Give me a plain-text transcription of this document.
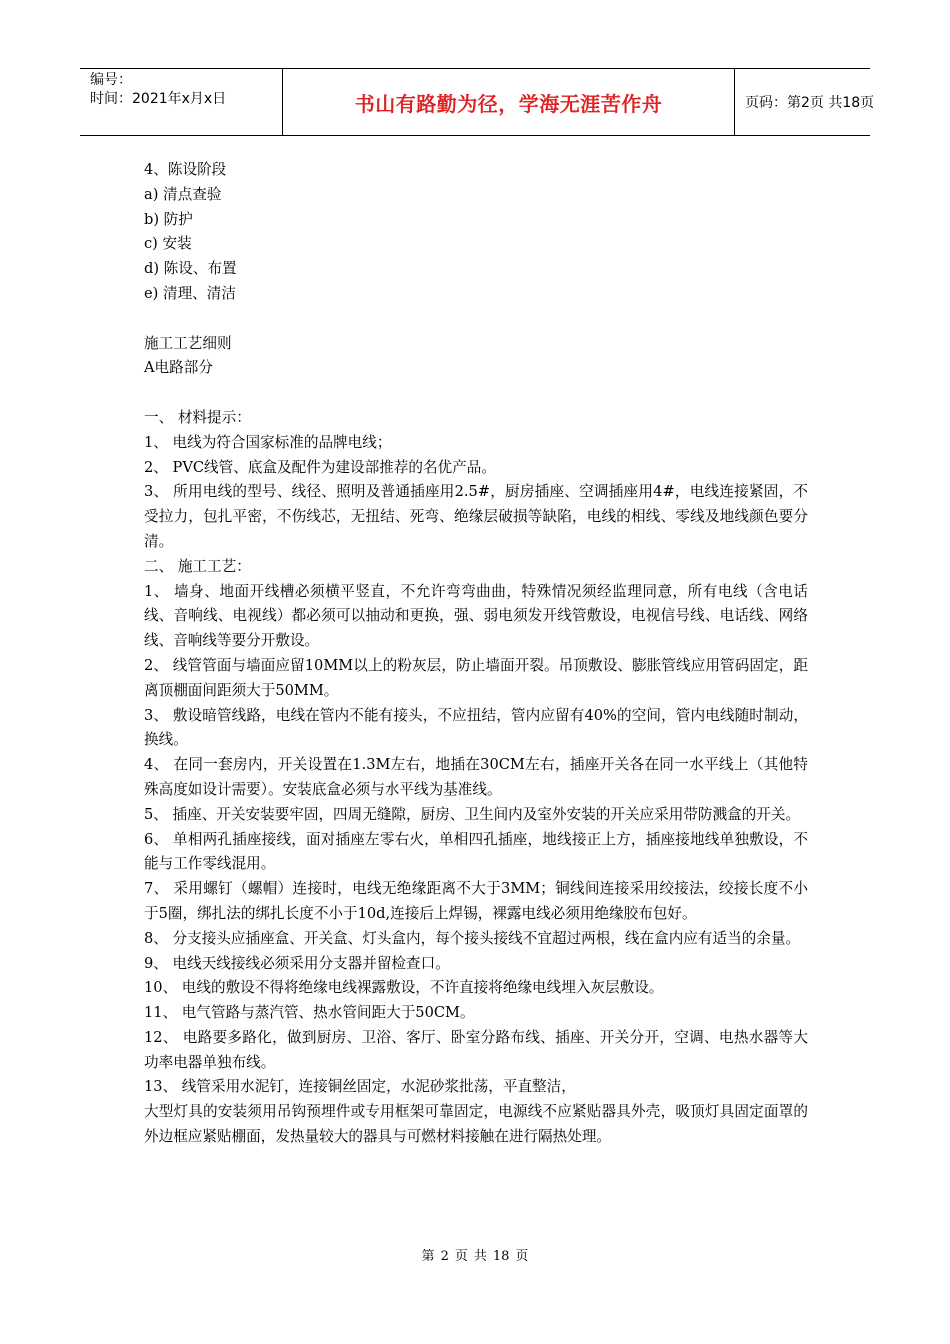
编号：
时间：2021年x月x日	书山有路勤为径，学海无涯苦作舟	页码：第2页 共18页

4、陈设阶段

a) 清点查验

b) 防护

c) 安装

d) 陈设、布置

e) 清理、清洁

施工工艺细则

A电路部分

一、 材料提示：

1、 电线为符合国家标准的品牌电线；

2、 PVC线管、底盒及配件为建设部推荐的名优产品。

3、 所用电线的型号、线径、照明及普通插座用2.5#，厨房插座、空调插座用4#，电线连接紧固，不受拉力，包扎平密，不伤线芯，无扭结、死弯、绝缘层破损等缺陷，电线的相线、零线及地线颜色要分清。

二、 施工工艺：

1、 墙身、地面开线槽必须横平竖直，不允许弯弯曲曲，特殊情况须经监理同意，所有电线（含电话线、音响线、电视线）都必须可以抽动和更换，强、弱电须发开线管敷设，电视信号线、电话线、网络线、音响线等要分开敷设。

2、 线管管面与墙面应留10MM以上的粉灰层，防止墙面开裂。吊顶敷设、膨胀管线应用管码固定，距离顶棚面间距须大于50MM。

3、 敷设暗管线路，电线在管内不能有接头，不应扭结，管内应留有40%的空间，管内电线随时制动，换线。

4、 在同一套房内，开关设置在1.3M左右，地插在30CM左右，插座开关各在同一水平线上（其他特殊高度如设计需要）。安装底盒必须与水平线为基准线。

5、 插座、开关安装要牢固，四周无缝隙，厨房、卫生间内及室外安装的开关应采用带防溅盒的开关。

6、 单相两孔插座接线，面对插座左零右火，单相四孔插座，地线接正上方，插座接地线单独敷设，不能与工作零线混用。

7、 采用螺钉（螺帽）连接时，电线无绝缘距离不大于3MM；铜线间连接采用绞接法，绞接长度不小于5圈，绑扎法的绑扎长度不小于10d,连接后上焊锡，裸露电线必须用绝缘胶布包好。

8、 分支接头应插座盒、开关盒、灯头盒内，每个接头接线不宜超过两根，线在盒内应有适当的余量。

9、 电线天线接线必须采用分支器并留检查口。

10、 电线的敷设不得将绝缘电线裸露敷设，不许直接将绝缘电线埋入灰层敷设。

11、 电气管路与蒸汽管、热水管间距大于50CM。

12、 电路要多路化，做到厨房、卫浴、客厅、卧室分路布线、插座、开关分开，空调、电热水器等大功率电器单独布线。

13、 线管采用水泥钉，连接铜丝固定，水泥砂浆批荡，平直整洁，

大型灯具的安装须用吊钩预埋件或专用框架可靠固定，电源线不应紧贴器具外壳，吸顶灯具固定面罩的外边框应紧贴棚面，发热量较大的器具与可燃材料接触在进行隔热处理。

第 2 页 共 18 页
